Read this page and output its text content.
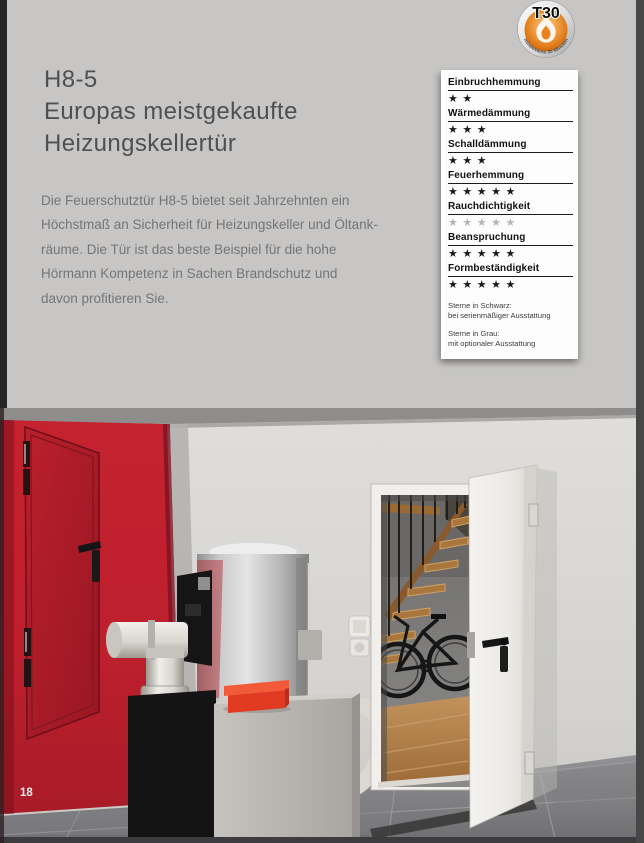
H8-5
Europas meistgekaufte
Heizungskellertür
Die Feuerschutztür H8-5 bietet seit Jahrzehnten ein
Höchstmaß an Sicherheit für Heizungskeller und Öltank-
räume. Die Tür ist das beste Beispiel für die hohe
Hörmann Kompetenz in Sachen Brandschutz und
davon profitieren Sie.
T30
mindestens 30 Minuten
Einbruchhemmung
★★
Wärmedämmung
★★★
Schalldämmung
★★★
Feuerhemmung
★★★★★
Rauchdichtigkeit
★★★★★
Beanspruchung
★★★★★
Formbeständigkeit
★★★★★
Sterne in Schwarz:
bei serienmäßiger Ausstattung
Sterne in Grau:
mit optionaler Ausstattung
18
